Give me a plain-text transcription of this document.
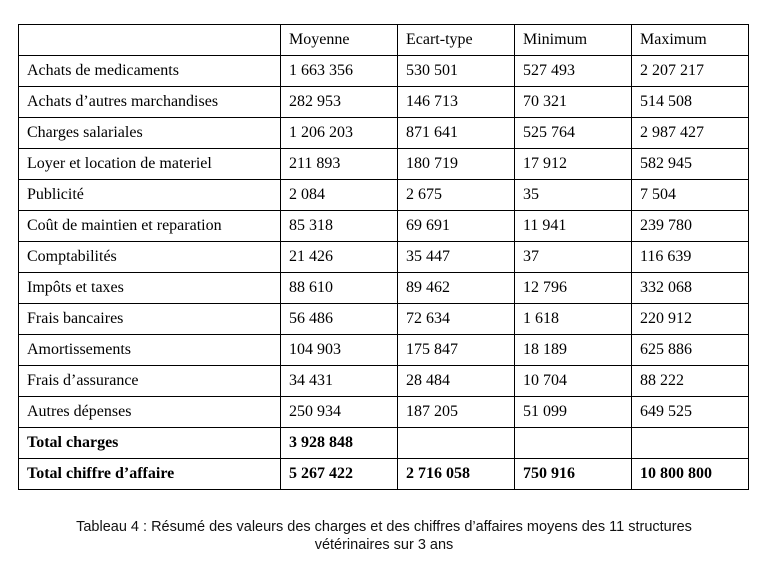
	Moyenne	Ecart-type	Minimum	Maximum
Achats de medicaments	1 663 356	530 501	527 493	2 207 217
Achats d’autres marchandises	282 953	146 713	70 321	514 508
Charges salariales	1 206 203	871 641	525 764	2 987 427
Loyer et location de materiel	211 893	180 719	17 912	582 945
Publicité	2 084	2 675	35	7 504
Coût de maintien et reparation	85 318	69 691	11 941	239 780
Comptabilités	21 426	35 447	37	116 639
Impôts et taxes	88 610	89 462	12 796	332 068
Frais bancaires	56 486	72 634	1 618	220 912
Amortissements	104 903	175 847	18 189	625 886
Frais d’assurance	34 431	28 484	10 704	88 222
Autres dépenses	250 934	187 205	51 099	649 525
Total charges	3 928 848			
Total chiffre d’affaire	5 267 422	2 716 058	750 916	10 800 800
Tableau 4 : Résumé des valeurs des charges et des chiffres d’affaires moyens des 11 structures
vétérinaires sur 3 ans
